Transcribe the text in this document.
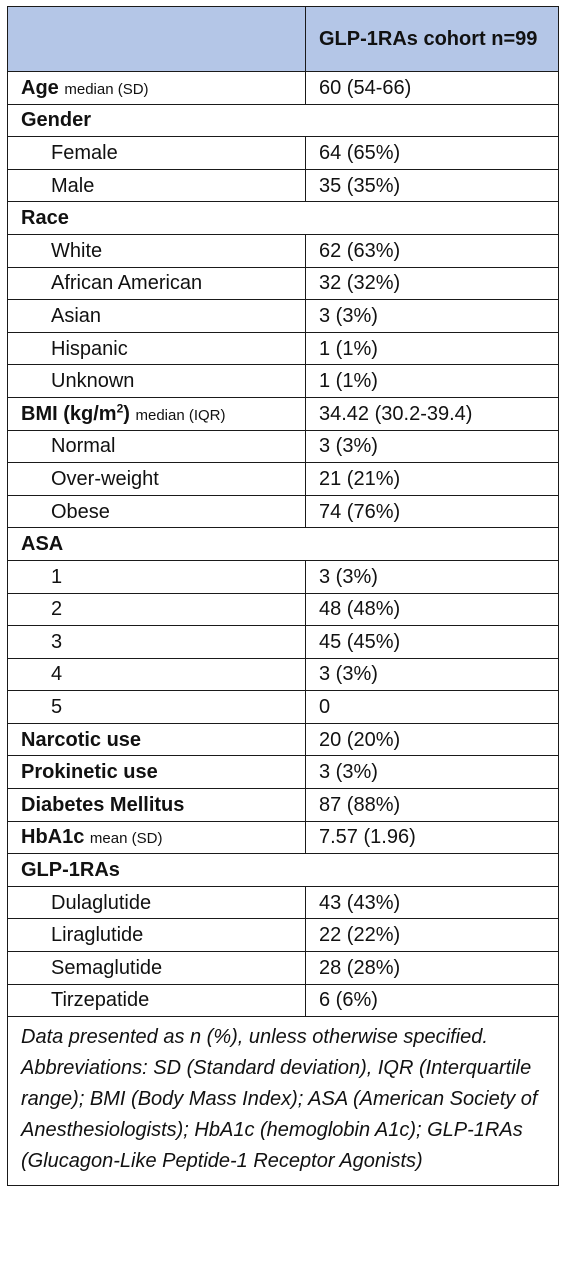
	GLP-1RAs cohort n=99
Age median (SD)	60 (54-66)
Gender	
Female	64 (65%)
Male	35 (35%)
Race	
White	62 (63%)
African American	32 (32%)
Asian	3 (3%)
Hispanic	1 (1%)
Unknown	1 (1%)
BMI $(kg/m^2)$ median (IQR)	34.42 (30.2-39.4)
Normal	3 (3%)
Over-weight	21 (21%)
Obese	74 (76%)
ASA	
1	3 (3%)
2	48 (48%)
3	45 (45%)
4	3 (3%)
5	0
Narcotic use	20 (20%)
Prokinetic use	3 (3%)
Diabetes Mellitus	87 (88%)
HbA1c mean (SD)	7.57 (1.96)
GLP-1RAs	
Dulaglutide	43 (43%)
Liraglutide	22 (22%)
Semaglutide	28 (28%)
Tirzepatide	6 (6%)

Data presented as n (%), unless otherwise specified.
Abbreviations: SD (Standard deviation), IQR (Interquartile range); BMI (Body Mass Index); ASA (American Society of Anesthesiologists); HbA1c (hemoglobin A1c); GLP-1RAs (Glucagon-Like Peptide-1 Receptor Agonists)	
